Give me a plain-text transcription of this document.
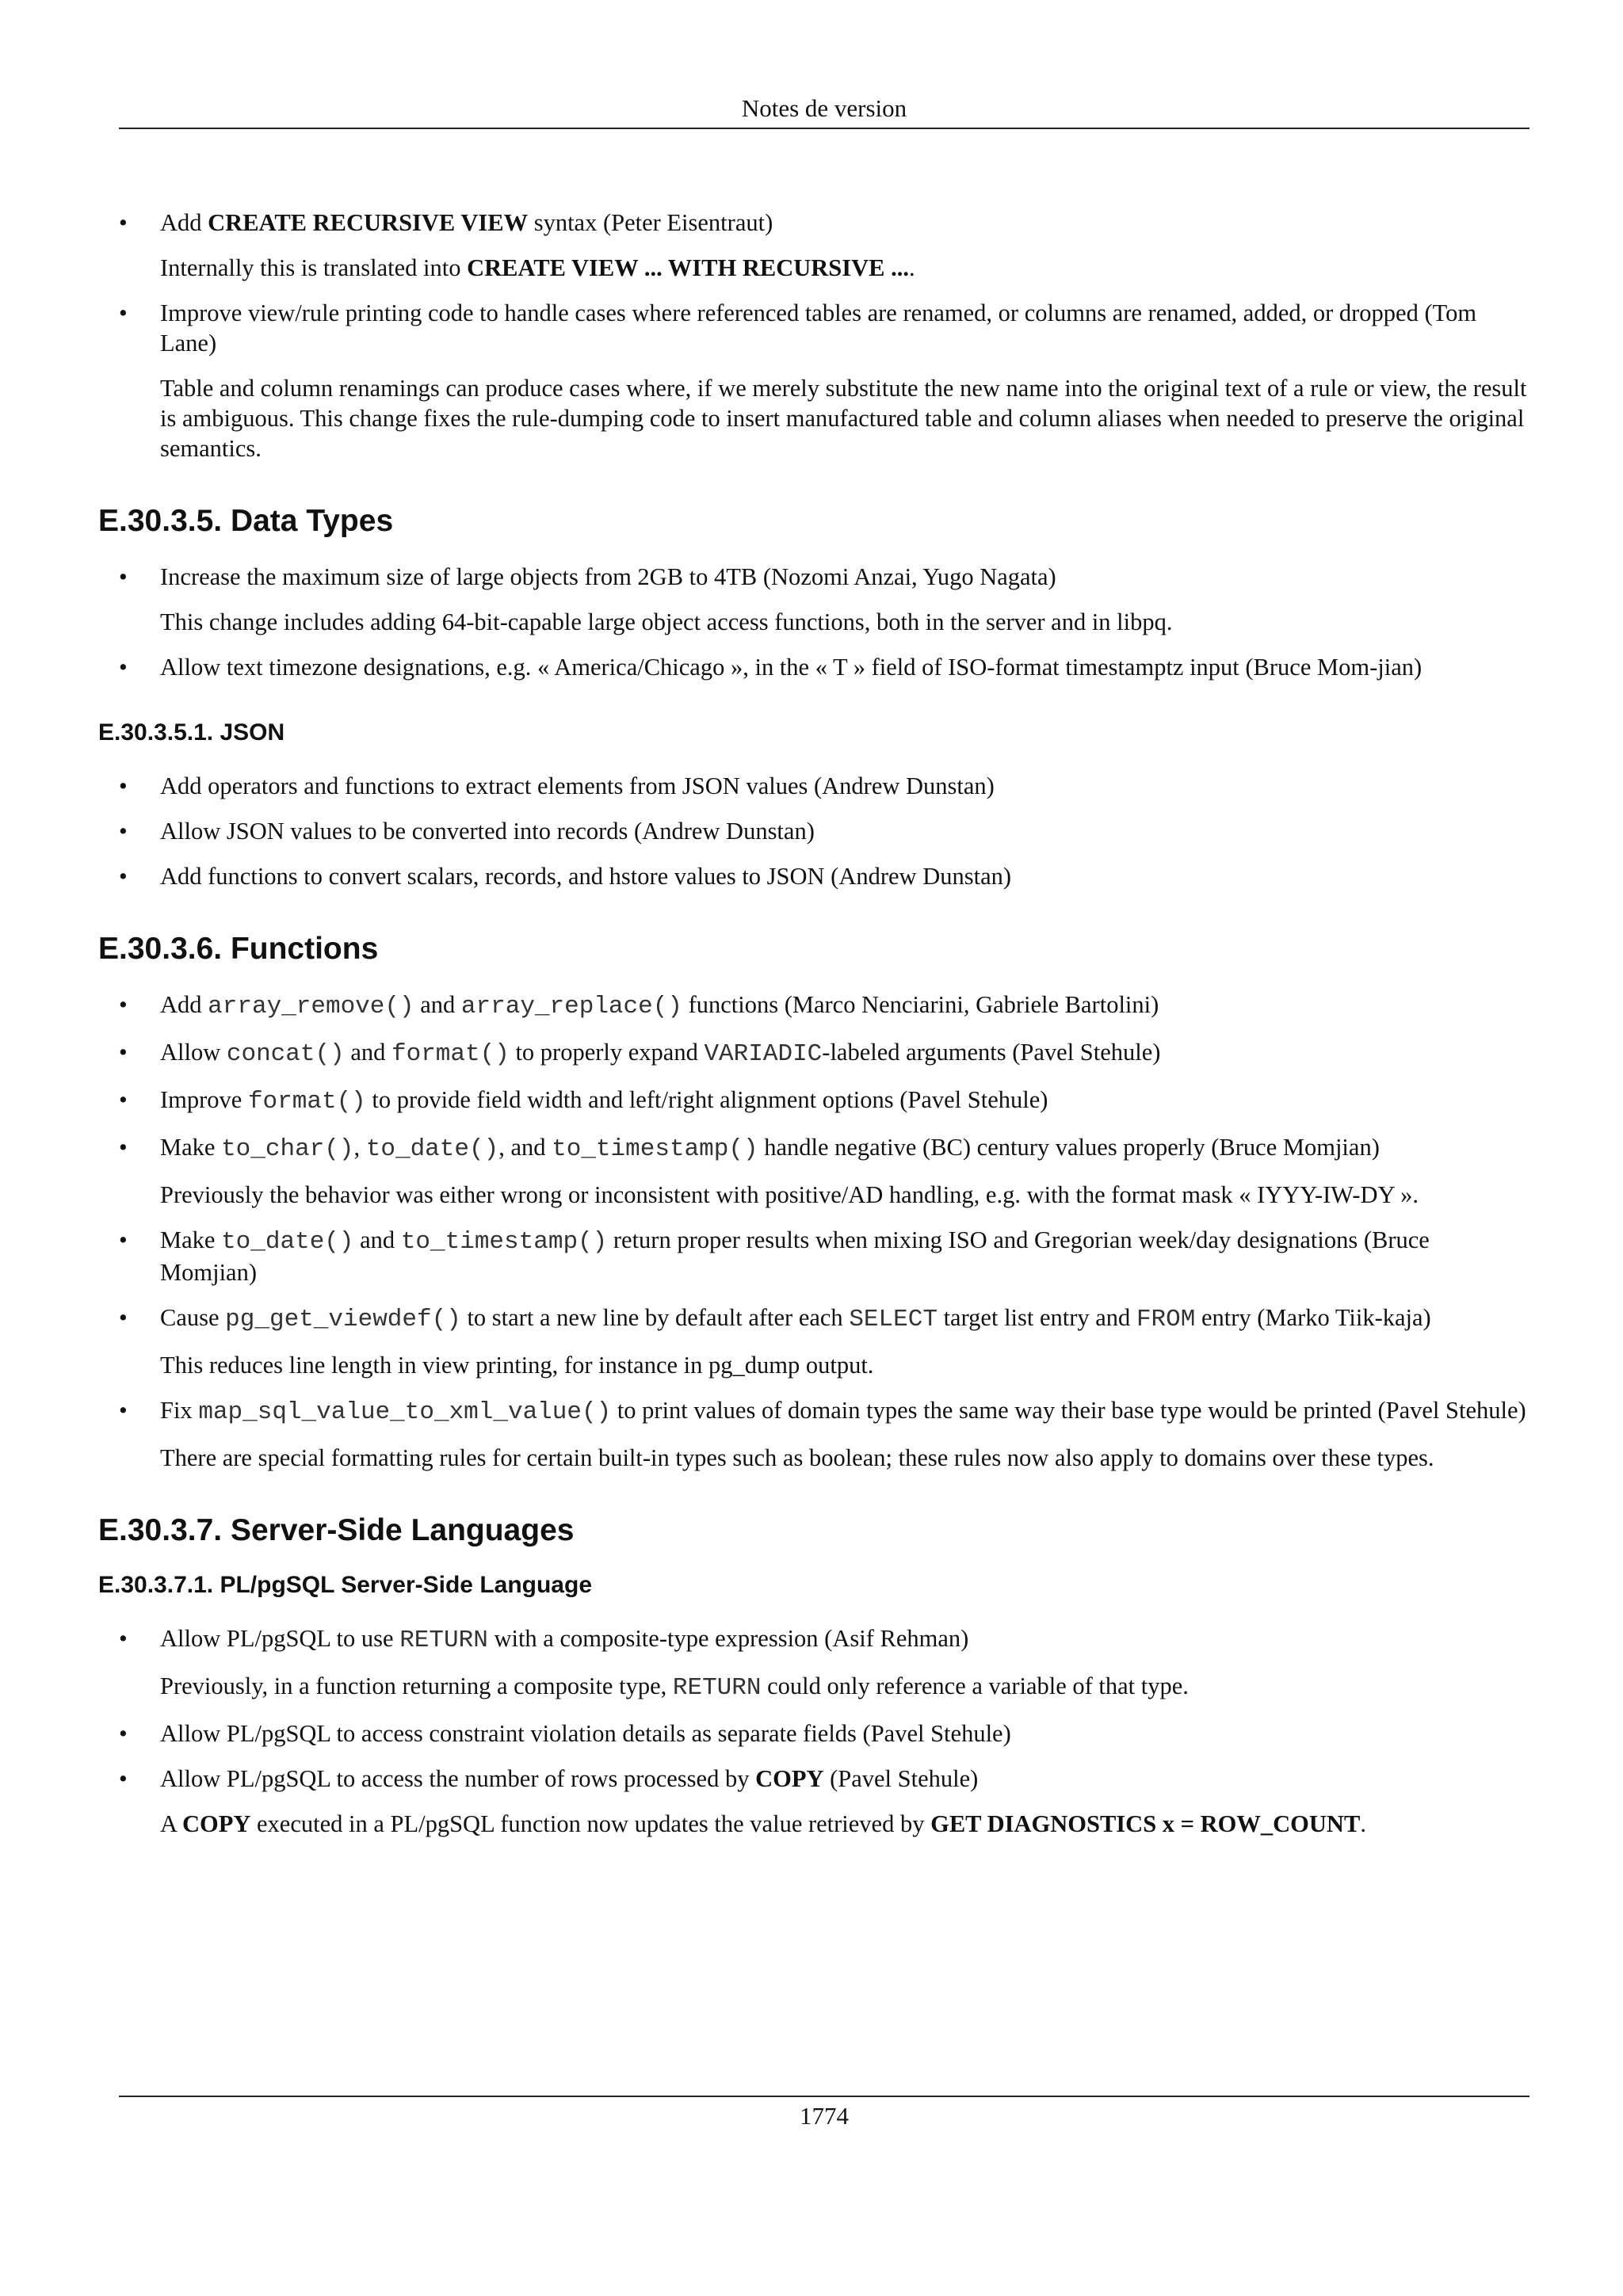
Notes de version
•	Add CREATE RECURSIVE VIEW syntax (Peter Eisentraut)

Internally this is translated into CREATE VIEW ... WITH RECURSIVE ....

•	Improve view/rule printing code to handle cases where referenced tables are renamed, or columns are renamed, added, or dropped (Tom Lane)

Table and column renamings can produce cases where, if we merely substitute the new name into the original text of a rule or view, the result is ambiguous. This change fixes the rule-dumping code to insert manufactured table and column aliases when needed to preserve the original semantics.

E.30.3.5. Data Types
•	Increase the maximum size of large objects from 2GB to 4TB (Nozomi Anzai, Yugo Nagata)

This change includes adding 64-bit-capable large object access functions, both in the server and in libpq.

•	Allow text timezone designations, e.g. « America/Chicago », in the « T » field of ISO-format timestamptz input (Bruce Mom-jian)

E.30.3.5.1. JSON
•	Add operators and functions to extract elements from JSON values (Andrew Dunstan)

•	Allow JSON values to be converted into records (Andrew Dunstan)

•	Add functions to convert scalars, records, and hstore values to JSON (Andrew Dunstan)

E.30.3.6. Functions
•	Add array_remove() and array_replace() functions (Marco Nenciarini, Gabriele Bartolini)

•	Allow concat() and format() to properly expand VARIADIC-labeled arguments (Pavel Stehule)

•	Improve format() to provide field width and left/right alignment options (Pavel Stehule)

•	Make to_char(), to_date(), and to_timestamp() handle negative (BC) century values properly (Bruce Momjian)

Previously the behavior was either wrong or inconsistent with positive/AD handling, e.g. with the format mask « IYYY-IW-DY ».

•	Make to_date() and to_timestamp() return proper results when mixing ISO and Gregorian week/day designations (Bruce Momjian)

•	Cause pg_get_viewdef() to start a new line by default after each SELECT target list entry and FROM entry (Marko Tiik-kaja)

This reduces line length in view printing, for instance in pg_dump output.

•	Fix map_sql_value_to_xml_value() to print values of domain types the same way their base type would be printed (Pavel Stehule)

There are special formatting rules for certain built-in types such as boolean; these rules now also apply to domains over these types.

E.30.3.7. Server-Side Languages
E.30.3.7.1. PL/pgSQL Server-Side Language
•	Allow PL/pgSQL to use RETURN with a composite-type expression (Asif Rehman)

Previously, in a function returning a composite type, RETURN could only reference a variable of that type.

•	Allow PL/pgSQL to access constraint violation details as separate fields (Pavel Stehule)

•	Allow PL/pgSQL to access the number of rows processed by COPY (Pavel Stehule)

A COPY executed in a PL/pgSQL function now updates the value retrieved by GET DIAGNOSTICS x = ROW_COUNT.

1774
